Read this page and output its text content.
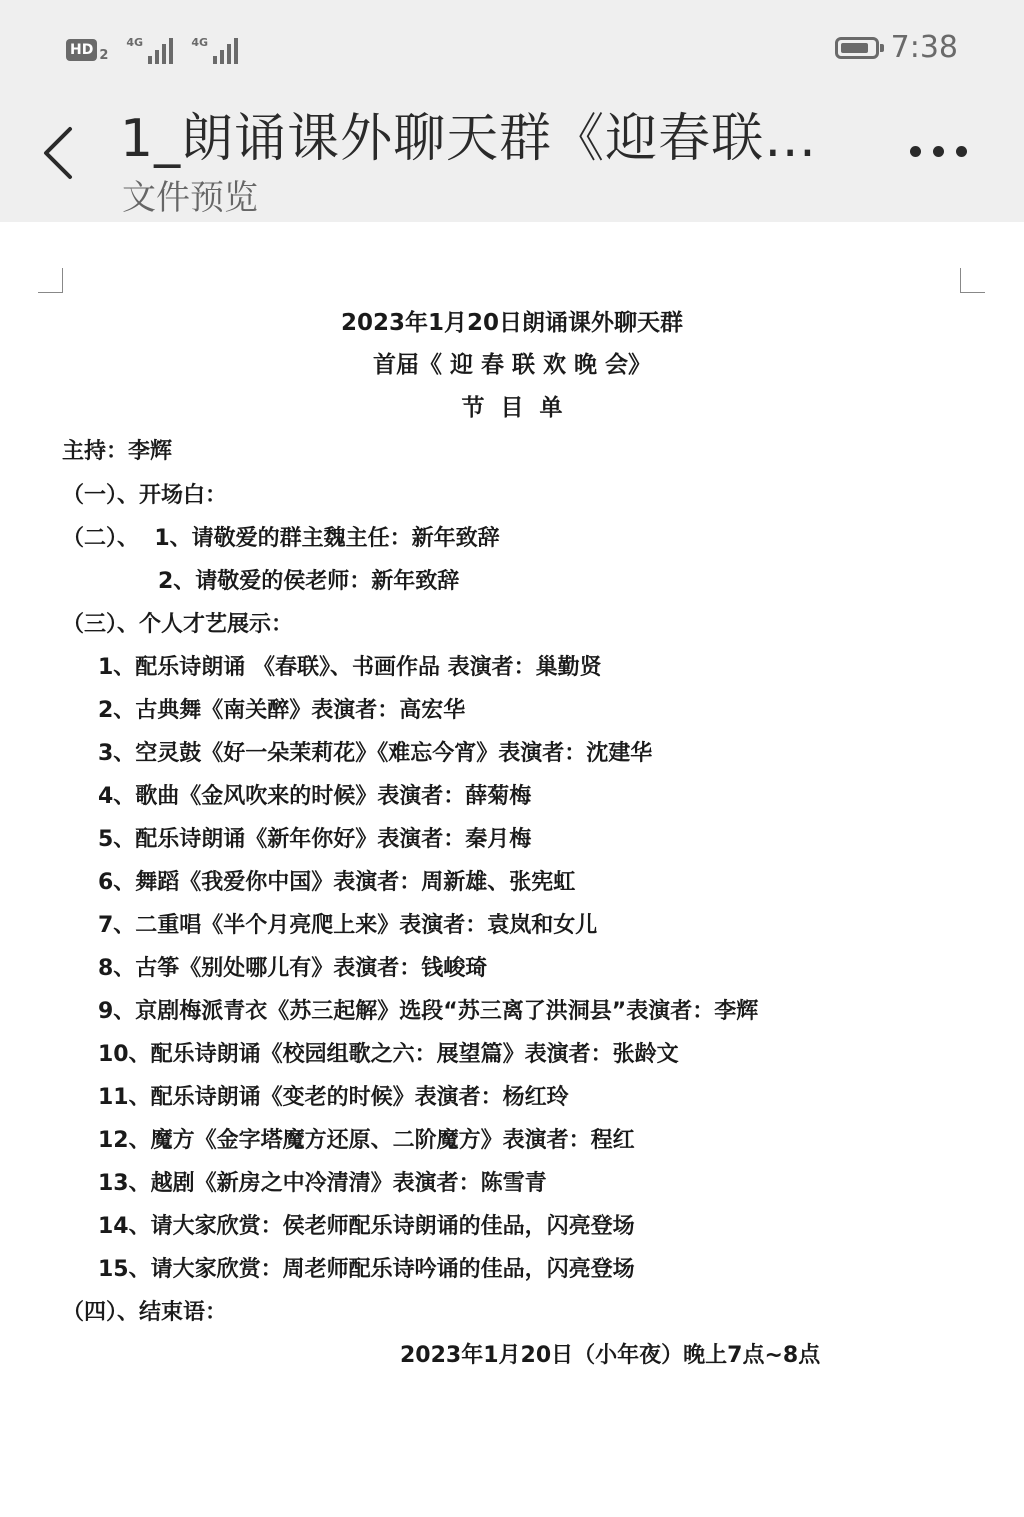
HD 2
4G	4G	7:38
1_朗诵课外聊天群《迎春联…
文件预览
2023年1月20日朗诵课外聊天群
首届《 迎 春 联 欢 晚 会》
节  目  单
主持：李辉
（一）、开场白：
（二）、  1、请敬爱的群主魏主任：新年致辞
2、请敬爱的侯老师：新年致辞
（三）、个人才艺展示：
1、配乐诗朗诵 《春联》、书画作品 表演者：巢勤贤
2、古典舞《南关醉》表演者：高宏华
3、空灵鼓《好一朵茉莉花》《难忘今宵》表演者：沈建华
4、歌曲《金风吹来的时候》表演者：薛菊梅
5、配乐诗朗诵《新年你好》表演者：秦月梅
6、舞蹈《我爱你中国》表演者：周新雄、张宪虹
7、二重唱《半个月亮爬上来》表演者：袁岚和女儿
8、古筝《别处哪儿有》表演者：钱峻琦
9、京剧梅派青衣《苏三起解》选段“苏三离了洪洞县”表演者：李辉
10、配乐诗朗诵《校园组歌之六：展望篇》表演者：张龄文
11、配乐诗朗诵《变老的时候》表演者：杨红玲
12、魔方《金字塔魔方还原、二阶魔方》表演者：程红
13、越剧《新房之中冷清清》表演者：陈雪青
14、请大家欣赏：侯老师配乐诗朗诵的佳品，闪亮登场
15、请大家欣赏：周老师配乐诗吟诵的佳品，闪亮登场
（四）、结束语：
2023年1月20日（小年夜）晚上7点~8点
